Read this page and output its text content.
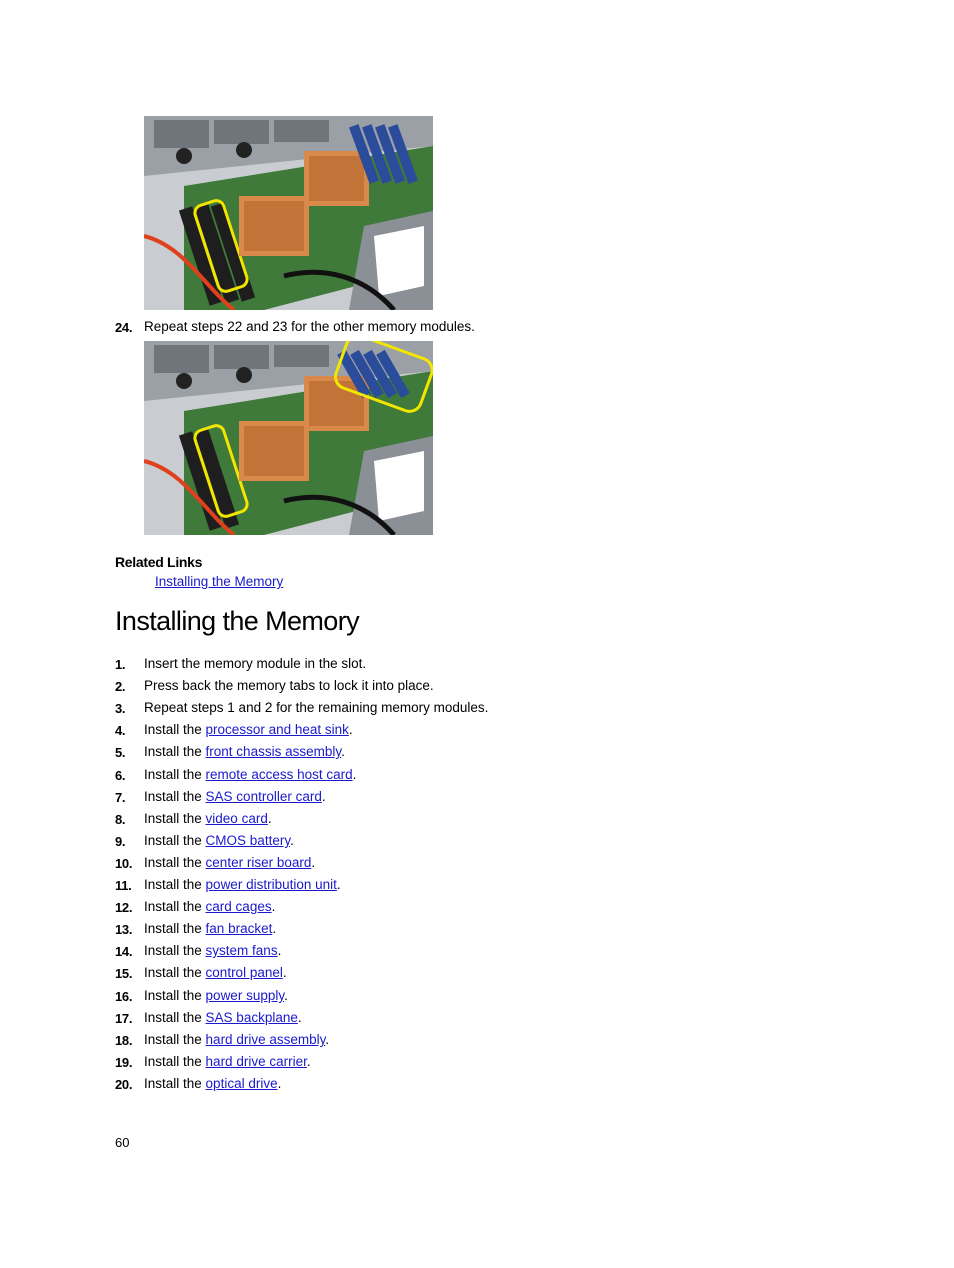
24. Repeat steps 22 and 23 for the other memory modules.
Related Links
Installing the Memory
Installing the Memory
1.	Insert the memory module in the slot.
2.	Press back the memory tabs to lock it into place.
3.	Repeat steps 1 and 2 for the remaining memory modules.
4.	Install the processor and heat sink.
5.	Install the front chassis assembly.
6.	Install the remote access host card.
7.	Install the SAS controller card.
8.	Install the video card.
9.	Install the CMOS battery.
10. Install the center riser board.
11. Install the power distribution unit.
12. Install the card cages.
13. Install the fan bracket.
14. Install the system fans.
15. Install the control panel.
16. Install the power supply.
17. Install the SAS backplane.
18. Install the hard drive assembly.
19. Install the hard drive carrier.
20. Install the optical drive.
60
